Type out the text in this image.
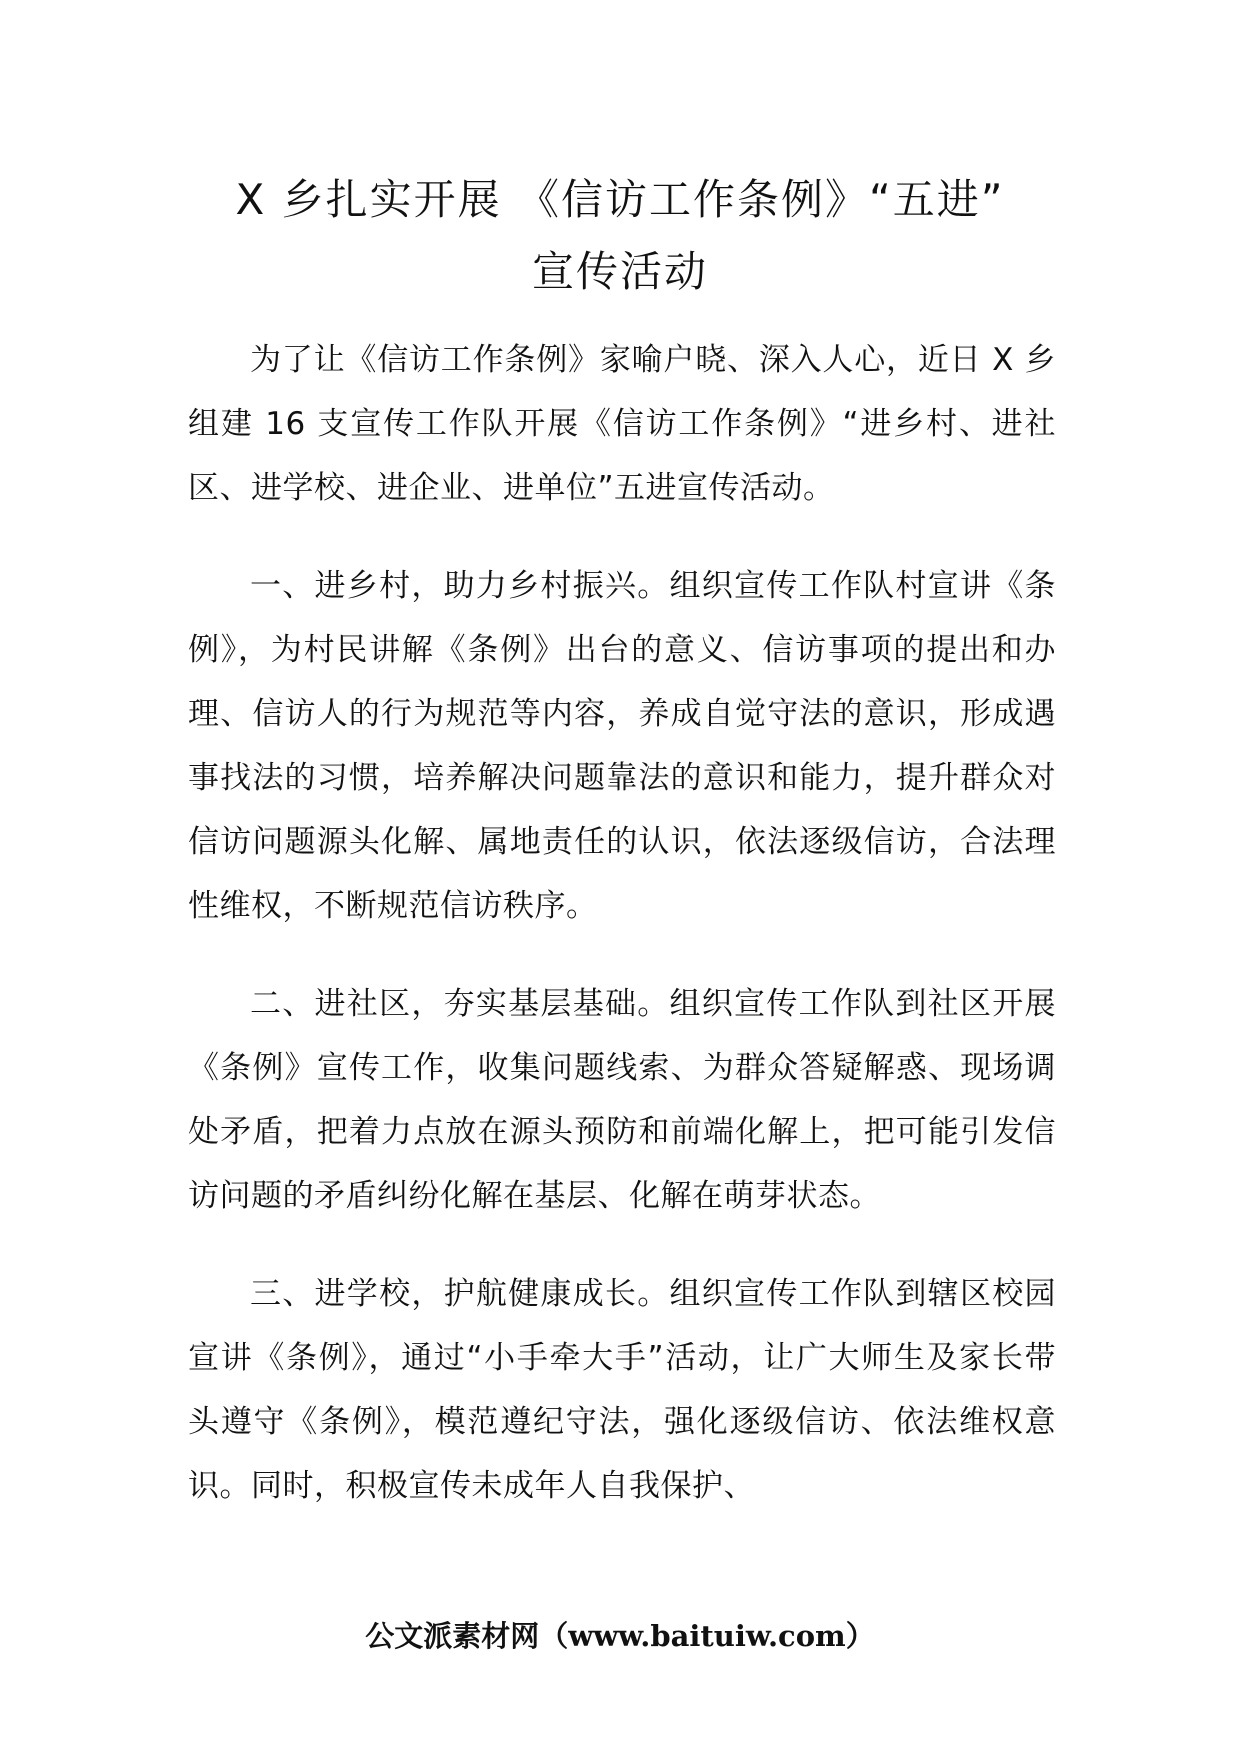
X 乡扎实开展 《信访工作条例》“五进”
宣传活动

为了让《信访工作条例》家喻户晓、深入人心，近日 X 乡组建 16 支宣传工作队开展《信访工作条例》“进乡村、进社区、进学校、进企业、进单位”五进宣传活动。

一、进乡村，助力乡村振兴。组织宣传工作队村宣讲《条例》，为村民讲解《条例》出台的意义、信访事项的提出和办理、信访人的行为规范等内容，养成自觉守法的意识，形成遇事找法的习惯，培养解决问题靠法的意识和能力，提升群众对信访问题源头化解、属地责任的认识，依法逐级信访，合法理性维权，不断规范信访秩序。

二、进社区，夯实基层基础。组织宣传工作队到社区开展《条例》宣传工作，收集问题线索、为群众答疑解惑、现场调处矛盾，把着力点放在源头预防和前端化解上，把可能引发信访问题的矛盾纠纷化解在基层、化解在萌芽状态。

三、进学校，护航健康成长。组织宣传工作队到辖区校园宣讲《条例》，通过“小手牵大手”活动，让广大师生及家长带头遵守《条例》，模范遵纪守法，强化逐级信访、依法维权意识。同时，积极宣传未成年人自我保护、

公文派素材网（www.baituiw.com）
